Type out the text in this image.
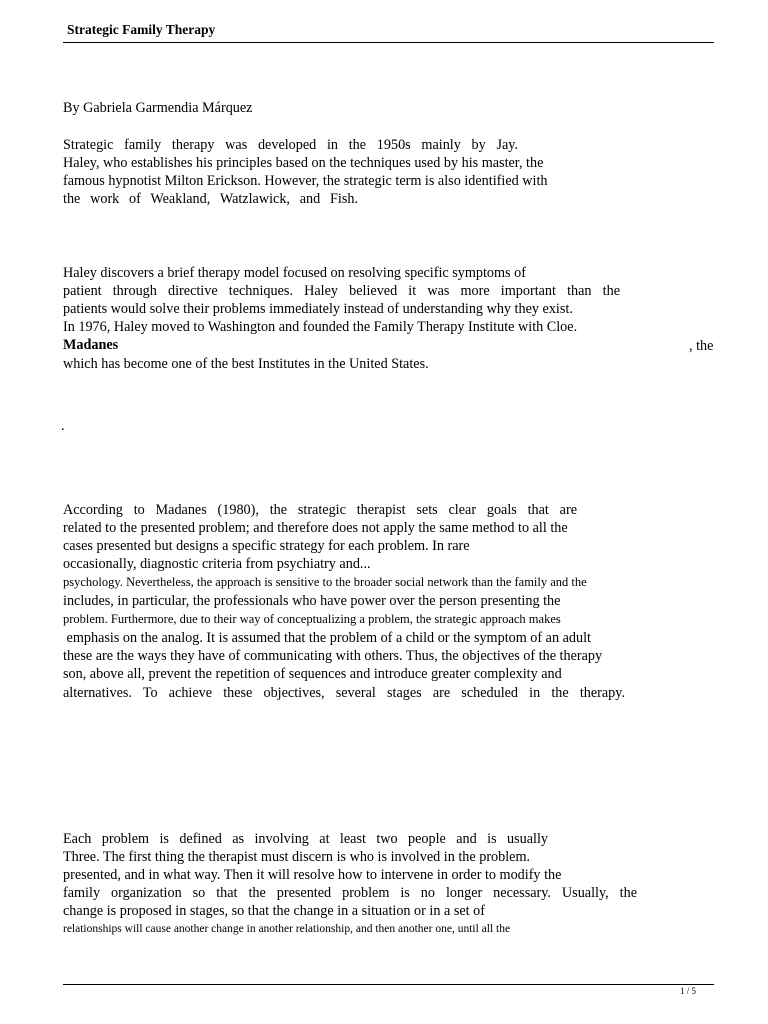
Strategic Family Therapy
By Gabriela Garmendia Márquez
Strategic family therapy was developed in the 1950s mainly by Jay.
Haley, who establishes his principles based on the techniques used by his master, the
famous hypnotist Milton Erickson. However, the strategic term is also identified with
the work of Weakland, Watzlawick, and Fish.
Haley discovers a brief therapy model focused on resolving specific symptoms of
patient through directive techniques. Haley believed it was more important than the
patients would solve their problems immediately instead of understanding why they exist.
In 1976, Haley moved to Washington and founded the Family Therapy Institute with Cloe.
Madanes	, the
which has become one of the best Institutes in the United States.
.
According to Madanes (1980), the strategic therapist sets clear goals that are
related to the presented problem; and therefore does not apply the same method to all the
cases presented but designs a specific strategy for each problem. In rare
occasionally, diagnostic criteria from psychiatry and...
psychology. Nevertheless, the approach is sensitive to the broader social network than the family and the
includes, in particular, the professionals who have power over the person presenting the
problem. Furthermore, due to their way of conceptualizing a problem, the strategic approach makes
emphasis on the analog. It is assumed that the problem of a child or the symptom of an adult
these are the ways they have of communicating with others. Thus, the objectives of the therapy
son, above all, prevent the repetition of sequences and introduce greater complexity and
alternatives. To achieve these objectives, several stages are scheduled in the therapy.
Each problem is defined as involving at least two people and is usually
Three. The first thing the therapist must discern is who is involved in the problem.
presented, and in what way. Then it will resolve how to intervene in order to modify the
family organization so that the presented problem is no longer necessary. Usually, the
change is proposed in stages, so that the change in a situation or in a set of
relationships will cause another change in another relationship, and then another one, until all the
1 / 5
